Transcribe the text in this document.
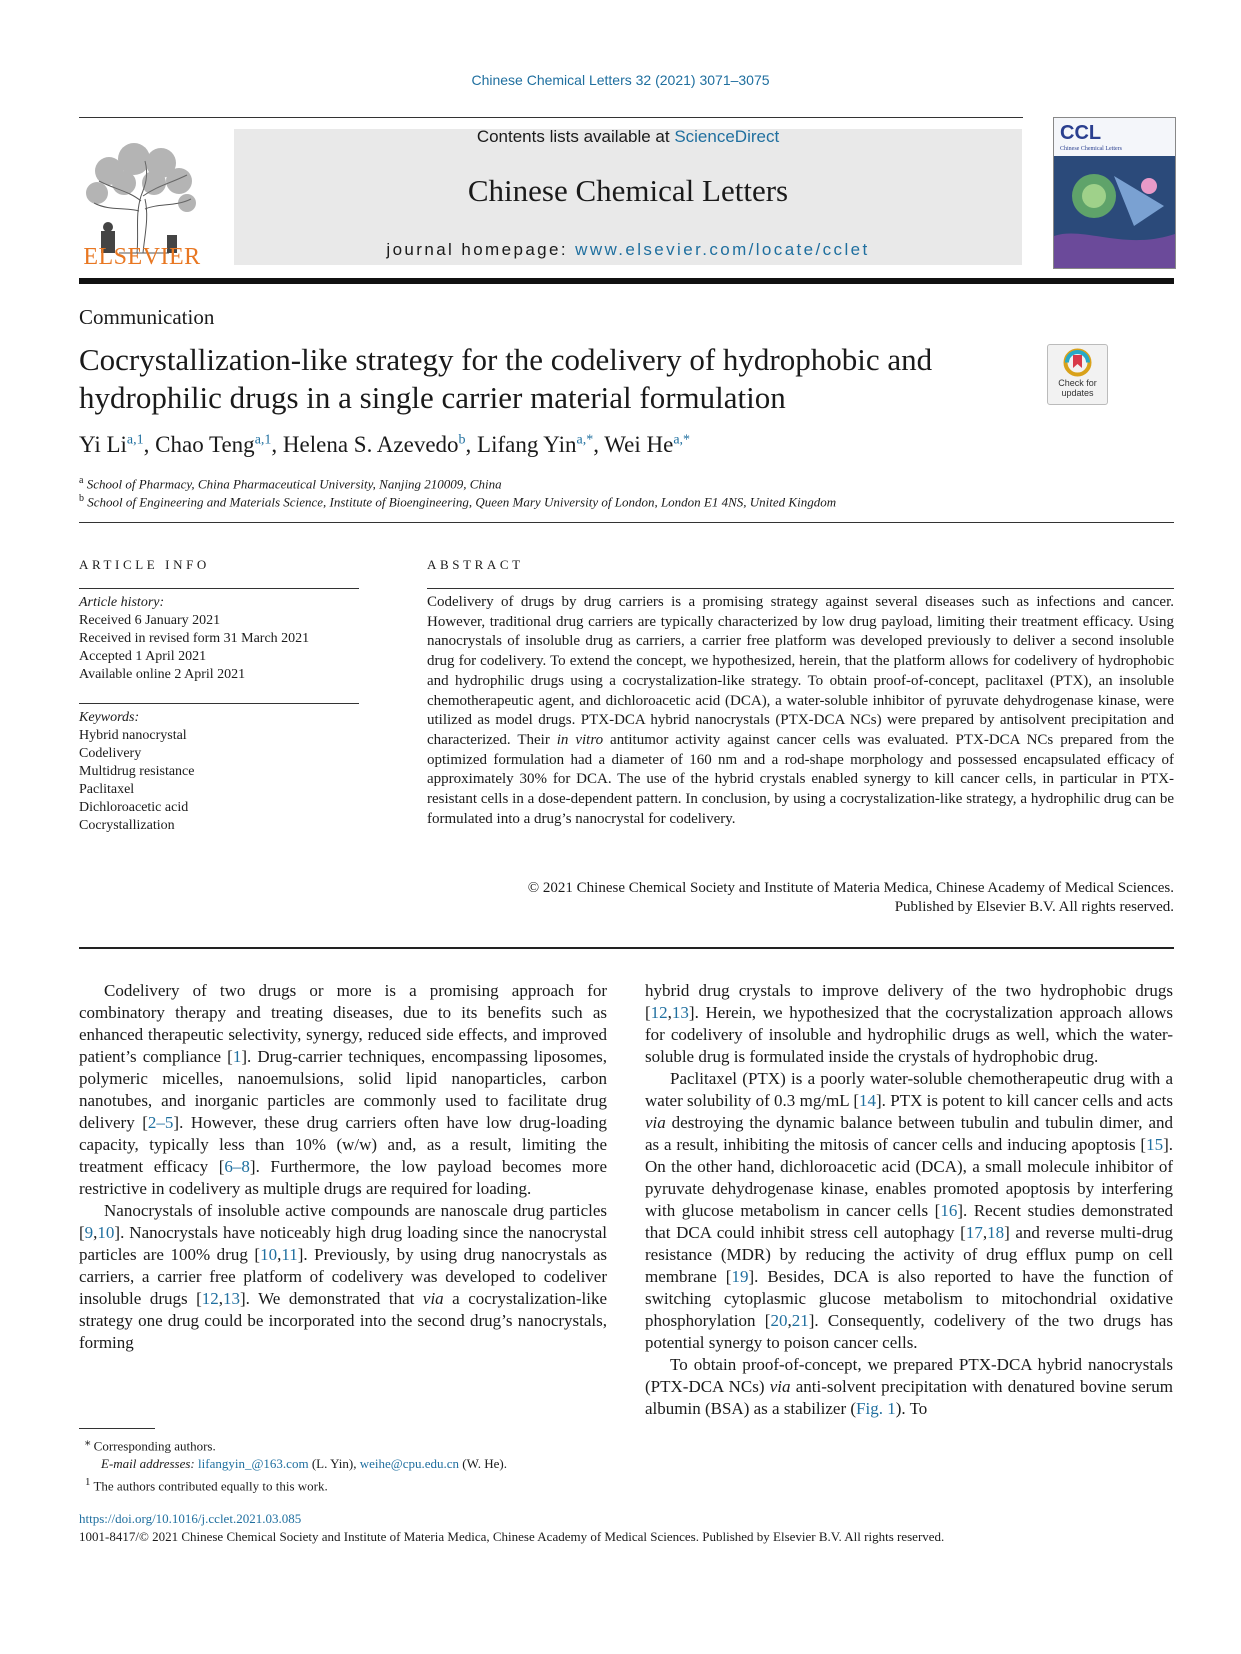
Chinese Chemical Letters 32 (2021) 3071–3075
ELSEVIER
Contents lists available at ScienceDirect
Chinese Chemical Letters
journal homepage: www.elsevier.com/locate/cclet
CCL
Chinese Chemical Letters
Communication
Cocrystallization-like strategy for the codelivery of hydrophobic and hydrophilic drugs in a single carrier material formulation	Check for
updates
Yi Li$^{a,1}$, Chao Teng$^{a,1}$, Helena S. Azevedo$^b$, Lifang Yin$^{a,*}$, Wei $He^{a,*}$
$^a$ School of Pharmacy, China Pharmaceutical University, Nanjing 210009, China
$^b$ School of Engineering and Materials Science, Institute of Bioengineering, Queen Mary University of London, London E1 4NS, United Kingdom
ARTICLE INFO	ABSTRACT
Article history:
Received 6 January 2021
Received in revised form 31 March 2021
Accepted 1 April 2021
Available online 2 April 2021
Keywords:
Hybrid nanocrystal
Codelivery
Multidrug resistance
Paclitaxel
Dichloroacetic acid
Cocrystallization

Codelivery of drugs by drug carriers is a promising strategy against several diseases such as infections and cancer. However, traditional drug carriers are typically characterized by low drug payload, limiting their treatment efficacy. Using nanocrystals of insoluble drug as carriers, a carrier free platform was developed previously to deliver a second insoluble drug for codelivery. To extend the concept, we hypothesized, herein, that the platform allows for codelivery of hydrophobic and hydrophilic drugs using a cocrystalization-like strategy. To obtain proof-of-concept, paclitaxel (PTX), an insoluble chemotherapeutic agent, and dichloroacetic acid (DCA), a water-soluble inhibitor of pyruvate dehydrogenase kinase, were utilized as model drugs. PTX-DCA hybrid nanocrystals (PTX-DCA NCs) were prepared by antisolvent precipitation and characterized. Their in vitro antitumor activity against cancer cells was evaluated. PTX-DCA NCs prepared from the optimized formulation had a diameter of 160 nm and a rod-shape morphology and possessed encapsulated efficacy of approximately 30% for DCA. The use of the hybrid crystals enabled synergy to kill cancer cells, in particular in PTX-resistant cells in a dose-dependent pattern. In conclusion, by using a cocrystalization-like strategy, a hydrophilic drug can be formulated into a drug’s nanocrystal for codelivery.

© 2021 Chinese Chemical Society and Institute of Materia Medica, Chinese Academy of Medical Sciences.
Published by Elsevier B.V. All rights reserved.

Codelivery of two drugs or more is a promising approach for combinatory therapy and treating diseases, due to its benefits such as enhanced therapeutic selectivity, synergy, reduced side effects, and improved patient’s compliance [1]. Drug-carrier techniques, encompassing liposomes, polymeric micelles, nanoemulsions, solid lipid nanoparticles, carbon nanotubes, and inorganic particles are commonly used to facilitate drug delivery [2–5]. However, these drug carriers often have low drug-loading capacity, typically less than 10% (w/w) and, as a result, limiting the treatment efficacy [6–8]. Furthermore, the low payload becomes more restrictive in codelivery as multiple drugs are required for loading.

Nanocrystals of insoluble active compounds are nanoscale drug particles [9,10]. Nanocrystals have noticeably high drug loading since the nanocrystal particles are 100% drug [10,11]. Previously, by using drug nanocrystals as carriers, a carrier free platform of codelivery was developed to codeliver insoluble drugs [12,13]. We demonstrated that via a cocrystalization-like strategy one drug could be incorporated into the second drug’s nanocrystals, forming

hybrid drug crystals to improve delivery of the two hydrophobic drugs [12,13]. Herein, we hypothesized that the cocrystalization approach allows for codelivery of insoluble and hydrophilic drugs as well, which the water-soluble drug is formulated inside the crystals of hydrophobic drug.

Paclitaxel (PTX) is a poorly water-soluble chemotherapeutic drug with a water solubility of 0.3 mg/mL [14]. PTX is potent to kill cancer cells and acts via destroying the dynamic balance between tubulin and tubulin dimer, and as a result, inhibiting the mitosis of cancer cells and inducing apoptosis [15]. On the other hand, dichloroacetic acid (DCA), a small molecule inhibitor of pyruvate dehydrogenase kinase, enables promoted apoptosis by interfering with glucose metabolism in cancer cells [16]. Recent studies demonstrated that DCA could inhibit stress cell autophagy [17,18] and reverse multi-drug resistance (MDR) by reducing the activity of drug efflux pump on cell membrane [19]. Besides, DCA is also reported to have the function of switching cytoplasmic glucose metabolism to mitochondrial oxidative phosphorylation [20,21]. Consequently, codelivery of the two drugs has potential synergy to poison cancer cells.

To obtain proof-of-concept, we prepared PTX-DCA hybrid nanocrystals (PTX-DCA NCs) via anti-solvent precipitation with denatured bovine serum albumin (BSA) as a stabilizer (Fig. 1). To

⁎ Corresponding authors.
E-mail addresses: lifangyin_@163.com (L. Yin), weihe@cpu.edu.cn (W. He).
$^1$ The authors contributed equally to this work.
https://doi.org/10.1016/j.cclet.2021.03.085
1001-8417/© 2021 Chinese Chemical Society and Institute of Materia Medica, Chinese Academy of Medical Sciences. Published by Elsevier B.V. All rights reserved.
